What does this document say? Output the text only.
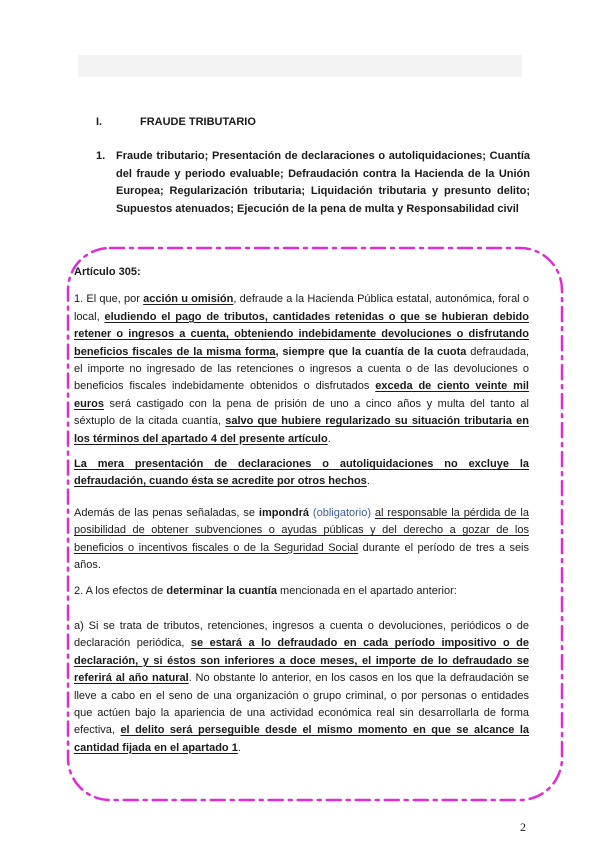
I.	FRAUDE TRIBUTARIO
1. Fraude tributario; Presentación de declaraciones o autoliquidaciones; Cuantía del fraude y periodo evaluable; Defraudación contra la Hacienda de la Unión Europea; Regularización tributaria; Liquidación tributaria y presunto delito; Supuestos atenuados; Ejecución de la pena de multa y Responsabilidad civil

Artículo 305:

1. El que, por acción u omisión, defraude a la Hacienda Pública estatal, autonómica, foral o local, eludiendo el pago de tributos, cantidades retenidas o que se hubieran debido retener o ingresos a cuenta, obteniendo indebidamente devoluciones o disfrutando beneficios fiscales de la misma forma, siempre que la cuantía de la cuota defraudada, el importe no ingresado de las retenciones o ingresos a cuenta o de las devoluciones o beneficios fiscales indebidamente obtenidos o disfrutados exceda de ciento veinte mil euros será castigado con la pena de prisión de uno a cinco años y multa del tanto al séxtuplo de la citada cuantía, salvo que hubiere regularizado su situación tributaria en los términos del apartado 4 del presente artículo.

La mera presentación de declaraciones o autoliquidaciones no excluye la defraudación, cuando ésta se acredite por otros hechos.

Además de las penas señaladas, se impondrá (obligatorio) al responsable la pérdida de la posibilidad de obtener subvenciones o ayudas públicas y del derecho a gozar de los beneficios o incentivos fiscales o de la Seguridad Social durante el período de tres a seis años.

2. A los efectos de determinar la cuantía mencionada en el apartado anterior:

a) Si se trata de tributos, retenciones, ingresos a cuenta o devoluciones, periódicos o de declaración periódica, se estará a lo defraudado en cada período impositivo o de declaración, y si éstos son inferiores a doce meses, el importe de lo defraudado se referirá al año natural. No obstante lo anterior, en los casos en los que la defraudación se lleve a cabo en el seno de una organización o grupo criminal, o por personas o entidades que actúen bajo la apariencia de una actividad económica real sin desarrollarla de forma efectiva, el delito será perseguible desde el mismo momento en que se alcance la cantidad fijada en el apartado 1.

2
